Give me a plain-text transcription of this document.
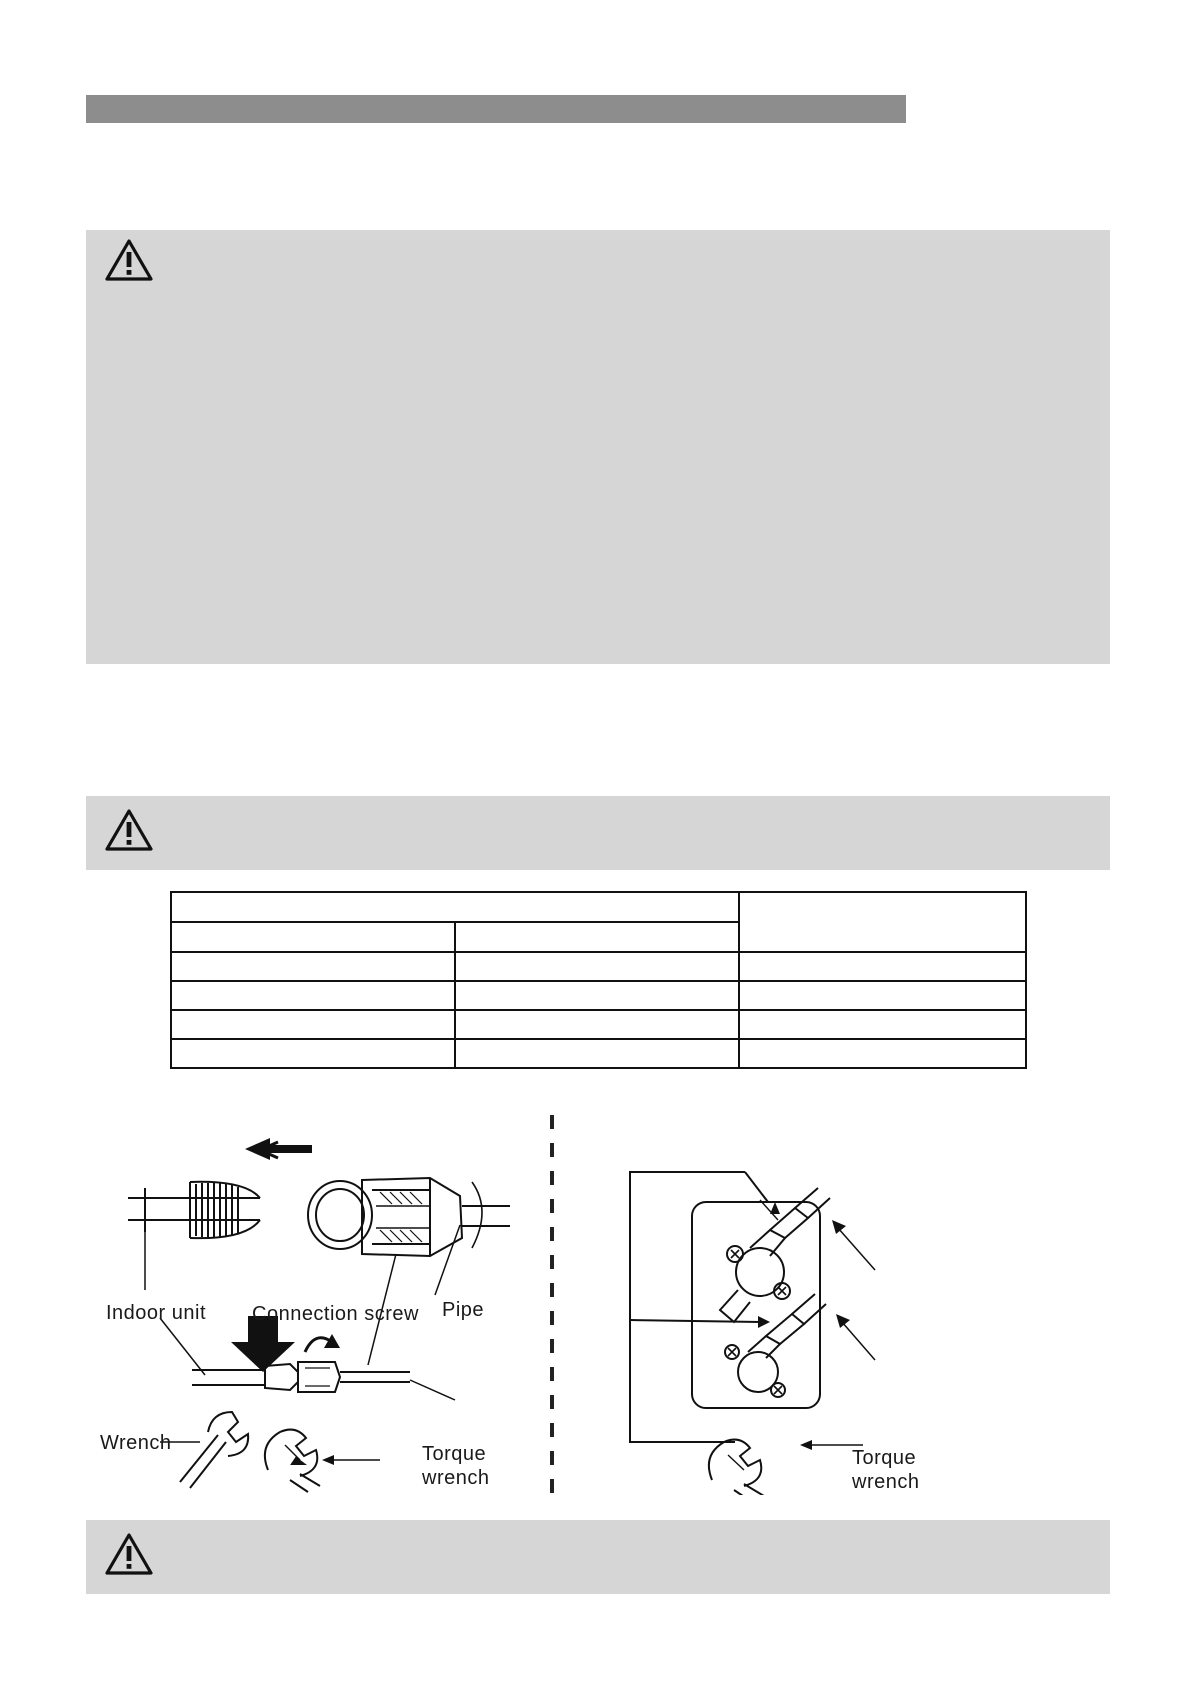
Indoor unit Connection screw Pipe
Wrench	Torque
wrench
Torque
wrench
